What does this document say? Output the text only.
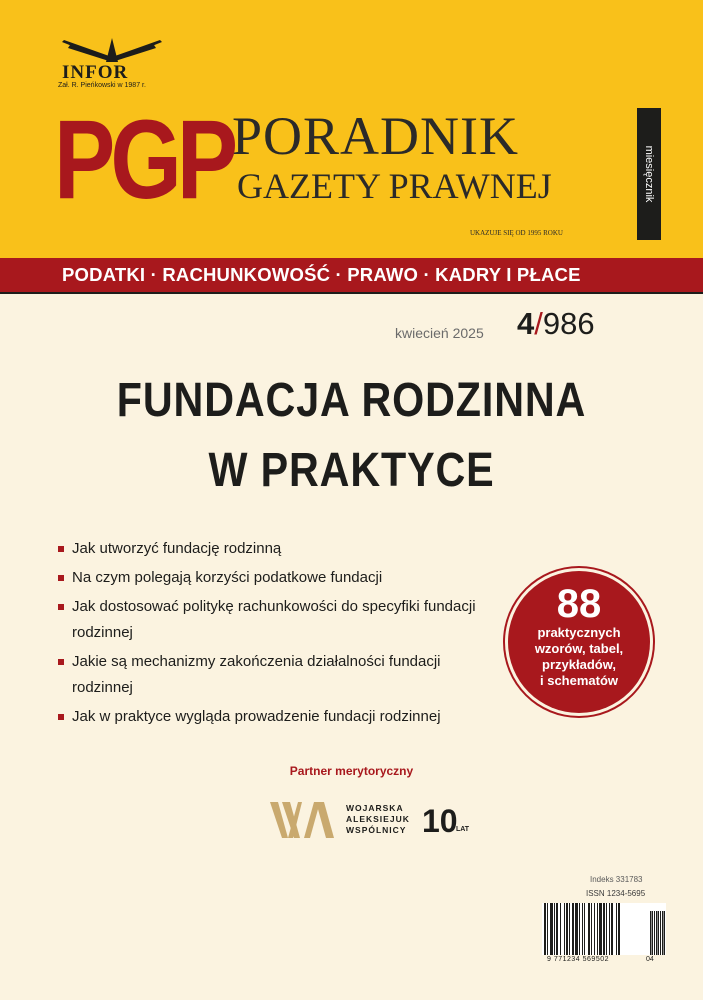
INFOR
Zał. R. Pieńkowski w 1987 r.
PGP
PORADNIK
GAZETY PRAWNEJ
UKAZUJE SIĘ OD 1995 ROKU
miesięcznik
PODATKI · RACHUNKOWOŚĆ · PRAWO · KADRY I PŁACE
kwiecień 2025 4/986
FUNDACJA RODZINNA
W PRAKTYCE
Jak utworzyć fundację rodzinną
Na czym polegają korzyści podatkowe fundacji
Jak dostosować politykę rachunkowości do specyfiki fundacji rodzinnej
Jakie są mechanizmy zakończenia działalności fundacji rodzinnej
Jak w praktyce wygląda prowadzenie fundacji rodzinnej
88
praktycznych
wzorów, tabel,
przykładów,
i schematów
Partner merytoryczny
WOJARSKA
ALEKSIEJUK
WSPÓLNICY 10
LAT
Indeks 331783
ISSN 1234-5695
9 771234 569502	04
